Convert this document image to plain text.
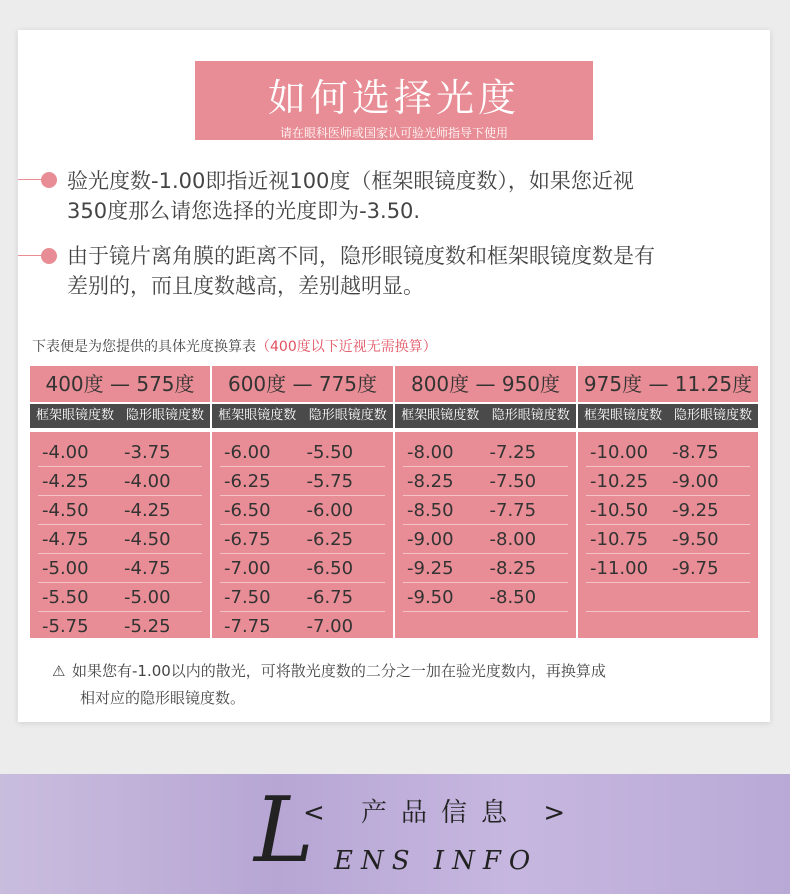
如何选择光度
请在眼科医师或国家认可验光师指导下使用
验光度数-1.00即指近视100度（框架眼镜度数），如果您近视
350度那么请您选择的光度即为-3.50.
由于镜片离角膜的距离不同，隐形眼镜度数和框架眼镜度数是有
差别的，而且度数越高，差别越明显。
下表便是为您提供的具体光度换算表（400度以下近视无需换算）
400度 — 575度
框架眼镜度数 隐形眼镜度数
-4.00	-3.75
-4.25	-4.00
-4.50	-4.25
-4.75	-4.50
-5.00	-4.75
-5.50	-5.00
-5.75	-5.25
600度 — 775度
框架眼镜度数 隐形眼镜度数
-6.00	-5.50
-6.25	-5.75
-6.50	-6.00
-6.75	-6.25
-7.00	-6.50
-7.50	-6.75
-7.75	-7.00
800度 — 950度
框架眼镜度数 隐形眼镜度数
-8.00	-7.25
-8.25	-7.50
-8.50	-7.75
-9.00	-8.00
-9.25	-8.25
-9.50	-8.50
975度 — 11.25度
框架眼镜度数 隐形眼镜度数
-10.00	-8.75
-10.25	-9.00
-10.50	-9.25
-10.75	-9.50
-11.00	-9.75
⚠ 如果您有-1.00以内的散光，可将散光度数的二分之一加在验光度数内，再换算成
相对应的隐形眼镜度数。
L
< 产品信息 >
ENS INFO
